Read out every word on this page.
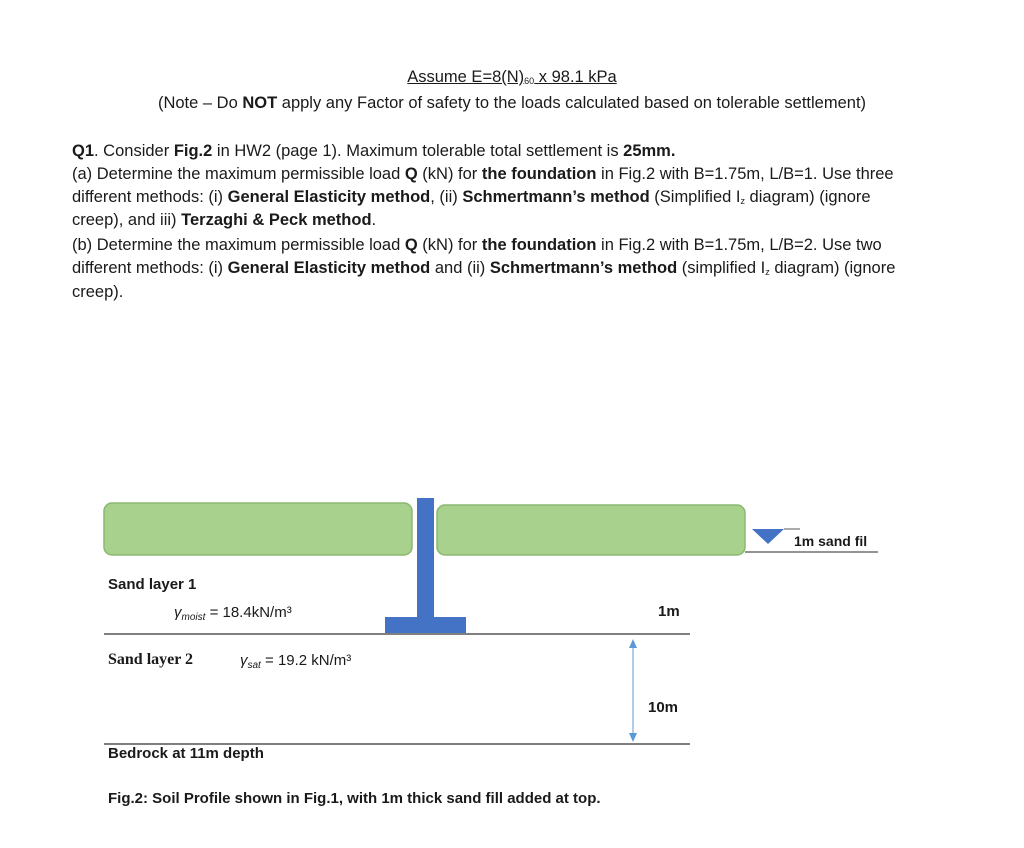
Assume $E=8(N)_{60}$ x 98.1 kPa
(Note – Do NOT apply any Factor of safety to the loads calculated based on tolerable settlement)
Q1. Consider Fig.2 in HW2 (page 1). Maximum tolerable total settlement is 25mm.
(a) Determine the maximum permissible load Q (kN) for the foundation in Fig.2 with B=1.75m, L/B=1. Use three
different methods: (i) General Elasticity method, (ii) Schmertmann’s method (Simplified $I_z$ diagram) (ignore
creep), and iii) Terzaghi & Peck method.
(b) Determine the maximum permissible load Q (kN) for the foundation in Fig.2 with B=1.75m, L/B=2. Use two
different methods: (i) General Elasticity method and (ii) Schmertmann’s method (simplified $I_z$ diagram) (ignore
creep).
1m sand fil
Sand layer 1
$\gamma_{moist} = 18.4kN/m^3$	1m
Sand layer 2	$\gamma_{sat} = 19.2$ kN/m³
10m
Bedrock at 11m depth
Fig.2: Soil Profile shown in Fig.1, with 1m thick sand fill added at top.
